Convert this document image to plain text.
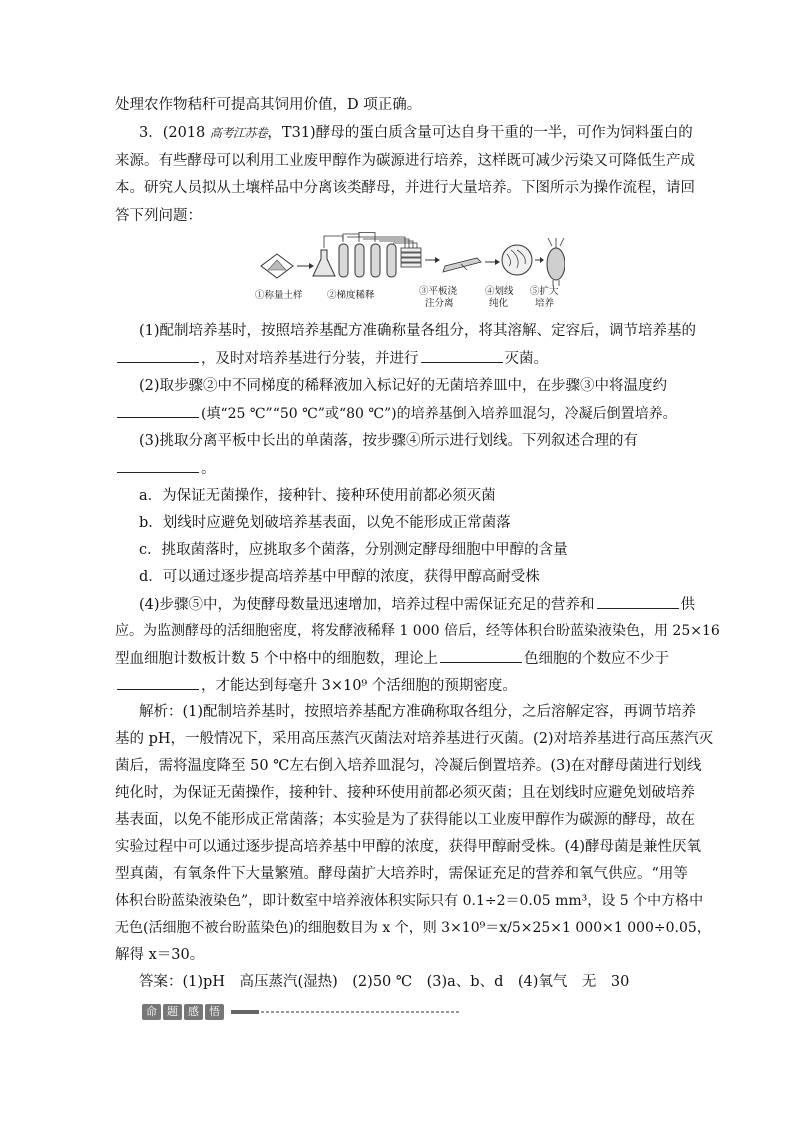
处理农作物秸秆可提高其饲用价值，D 项正确。
3．(2018 高考江苏卷，T31)酵母的蛋白质含量可达自身干重的一半，可作为饲料蛋白的
来源。有些酵母可以利用工业废甲醇作为碳源进行培养，这样既可减少污染又可降低生产成
本。研究人员拟从土壤样品中分离该类酵母，并进行大量培养。下图所示为操作流程，请回
答下列问题：
①称量土样	②梯度稀释	③平板浇
注分离
④划线
纯化
⑤扩大
培养
(1)配制培养基时，按照培养基配方准确称量各组分，将其溶解、定容后，调节培养基的
，及时对培养基进行分装，并进行	灭菌。
(2)取步骤②中不同梯度的稀释液加入标记好的无菌培养皿中，在步骤③中将温度约
(填“25 ℃”“50 ℃”或“80 ℃”)的培养基倒入培养皿混匀，冷凝后倒置培养。
(3)挑取分离平板中长出的单菌落，按步骤④所示进行划线。下列叙述合理的有
。
a．为保证无菌操作，接种针、接种环使用前都必须灭菌
b．划线时应避免划破培养基表面，以免不能形成正常菌落
c．挑取菌落时，应挑取多个菌落，分别测定酵母细胞中甲醇的含量
d．可以通过逐步提高培养基中甲醇的浓度，获得甲醇高耐受株
(4)步骤⑤中，为使酵母数量迅速增加，培养过程中需保证充足的营养和	供
应。为监测酵母的活细胞密度，将发酵液稀释 1 000 倍后，经等体积台盼蓝染液染色，用 25×16
型血细胞计数板计数 5 个中格中的细胞数，理论上	色细胞的个数应不少于
，才能达到每毫升 3×10⁹ 个活细胞的预期密度。
解析：(1)配制培养基时，按照培养基配方准确称取各组分，之后溶解定容，再调节培养
基的 pH，一般情况下，采用高压蒸汽灭菌法对培养基进行灭菌。(2)对培养基进行高压蒸汽灭
菌后，需将温度降至 50 ℃左右倒入培养皿混匀，冷凝后倒置培养。(3)在对酵母菌进行划线
纯化时，为保证无菌操作，接种针、接种环使用前都必须灭菌；且在划线时应避免划破培养
基表面，以免不能形成正常菌落；本实验是为了获得能以工业废甲醇作为碳源的酵母，故在
实验过程中可以通过逐步提高培养基中甲醇的浓度，获得甲醇耐受株。(4)酵母菌是兼性厌氧
型真菌，有氧条件下大量繁殖。酵母菌扩大培养时，需保证充足的营养和氧气供应。“用等
体积台盼蓝染液染色”，即计数室中培养液体积实际只有 0.1÷2＝0.05 mm³，设 5 个中方格中
无色(活细胞不被台盼蓝染色)的细胞数目为 x 个，则 3×10⁹＝x/5×25×1 000×1 000÷0.05，
解得 x＝30。
答案：(1)pH　高压蒸汽(湿热)　(2)50 ℃　(3)a、b、d　(4)氧气　无　30
命 题 感 悟
